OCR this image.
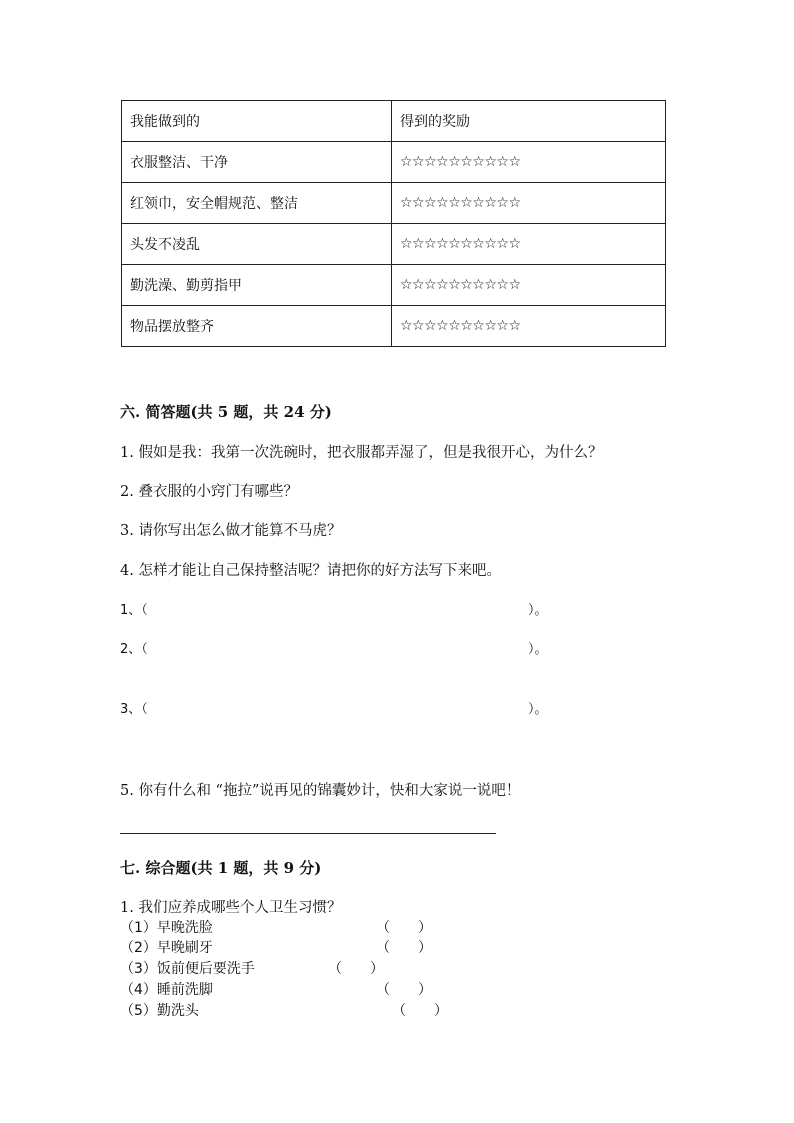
我能做到的	得到的奖励
衣服整洁、干净	☆☆☆☆☆☆☆☆☆☆
红领巾，安全帽规范、整洁	☆☆☆☆☆☆☆☆☆☆
头发不凌乱	☆☆☆☆☆☆☆☆☆☆
勤洗澡、勤剪指甲	☆☆☆☆☆☆☆☆☆☆
物品摆放整齐	☆☆☆☆☆☆☆☆☆☆
六. 简答题(共 5 题，共 24 分)
1. 假如是我：我第一次洗碗时，把衣服都弄湿了，但是我很开心，为什么？
2. 叠衣服的小窍门有哪些？
3. 请你写出怎么做才能算不马虎？
4. 怎样才能让自己保持整洁呢？请把你的好方法写下来吧。
1、（	）。
2、（	）。
3、（	）。
5. 你有什么和 “拖拉”说再见的锦囊妙计，快和大家说一说吧！
七. 综合题(共 1 题，共 9 分)
1. 我们应养成哪些个人卫生习惯？
（1）早晚洗脸	（　　）
（2）早晚刷牙	（　　）
（3）饭前便后要洗手	（　　）
（4）睡前洗脚	（　　）
（5）勤洗头	（　　）
